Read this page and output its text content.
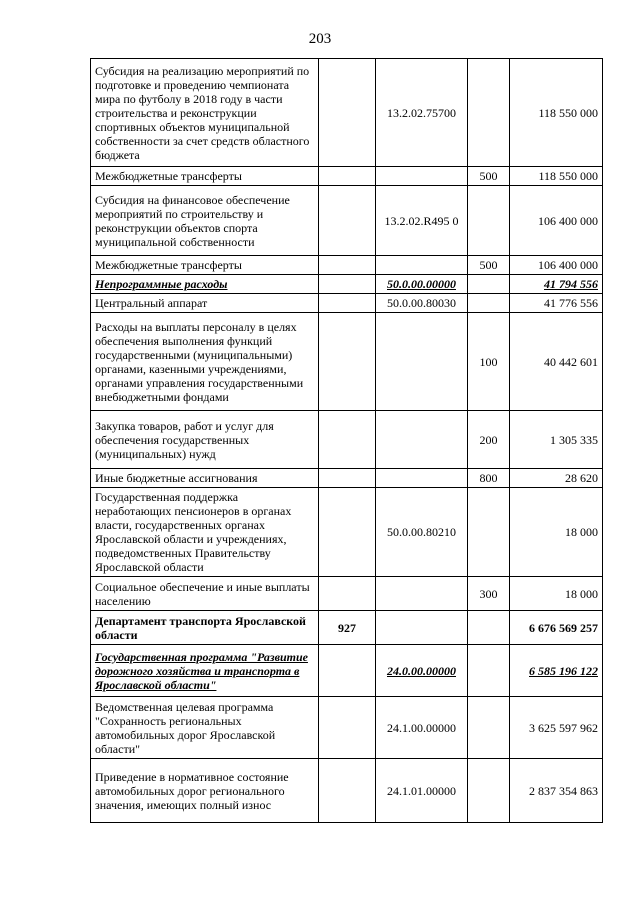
203
Субсидия на реализацию мероприятий по подготовке и проведению чемпионата мира по футболу в 2018 году в части строительства и реконструкции спортивных объектов муниципальной собственности за счет средств областного бюджета		13.2.02.75700		118 550 000
Межбюджетные трансферты			500	118 550 000
Субсидия на финансовое обеспечение мероприятий по строительству и реконструкции объектов спорта муниципальной собственности		13.2.02.R495 0		106 400 000
Межбюджетные трансферты			500	106 400 000
Непрограммные расходы		50.0.00.00000		41 794 556
Центральный аппарат		50.0.00.80030		41 776 556
Расходы на выплаты персоналу в целях обеспечения выполнения функций государственными (муниципальными) органами, казенными учреждениями, органами управления государственными внебюджетными фондами			100	40 442 601
Закупка товаров, работ и услуг для обеспечения государственных (муниципальных) нужд			200	1 305 335
Иные бюджетные ассигнования			800	28 620
Государственная поддержка неработающих пенсионеров в органах власти, государственных органах Ярославской области и учреждениях, подведомственных Правительству Ярославской области		50.0.00.80210		18 000
Социальное обеспечение и иные выплаты населению			300	18 000
Департамент транспорта Ярославской области	927			6 676 569 257
Государственная программа "Развитие дорожного хозяйства и транспорта в Ярославской области"		24.0.00.00000		6 585 196 122
Ведомственная целевая программа "Сохранность региональных автомобильных дорог Ярославской области"		24.1.00.00000		3 625 597 962
Приведение в нормативное состояние автомобильных дорог регионального значения, имеющих полный износ		24.1.01.00000		2 837 354 863
